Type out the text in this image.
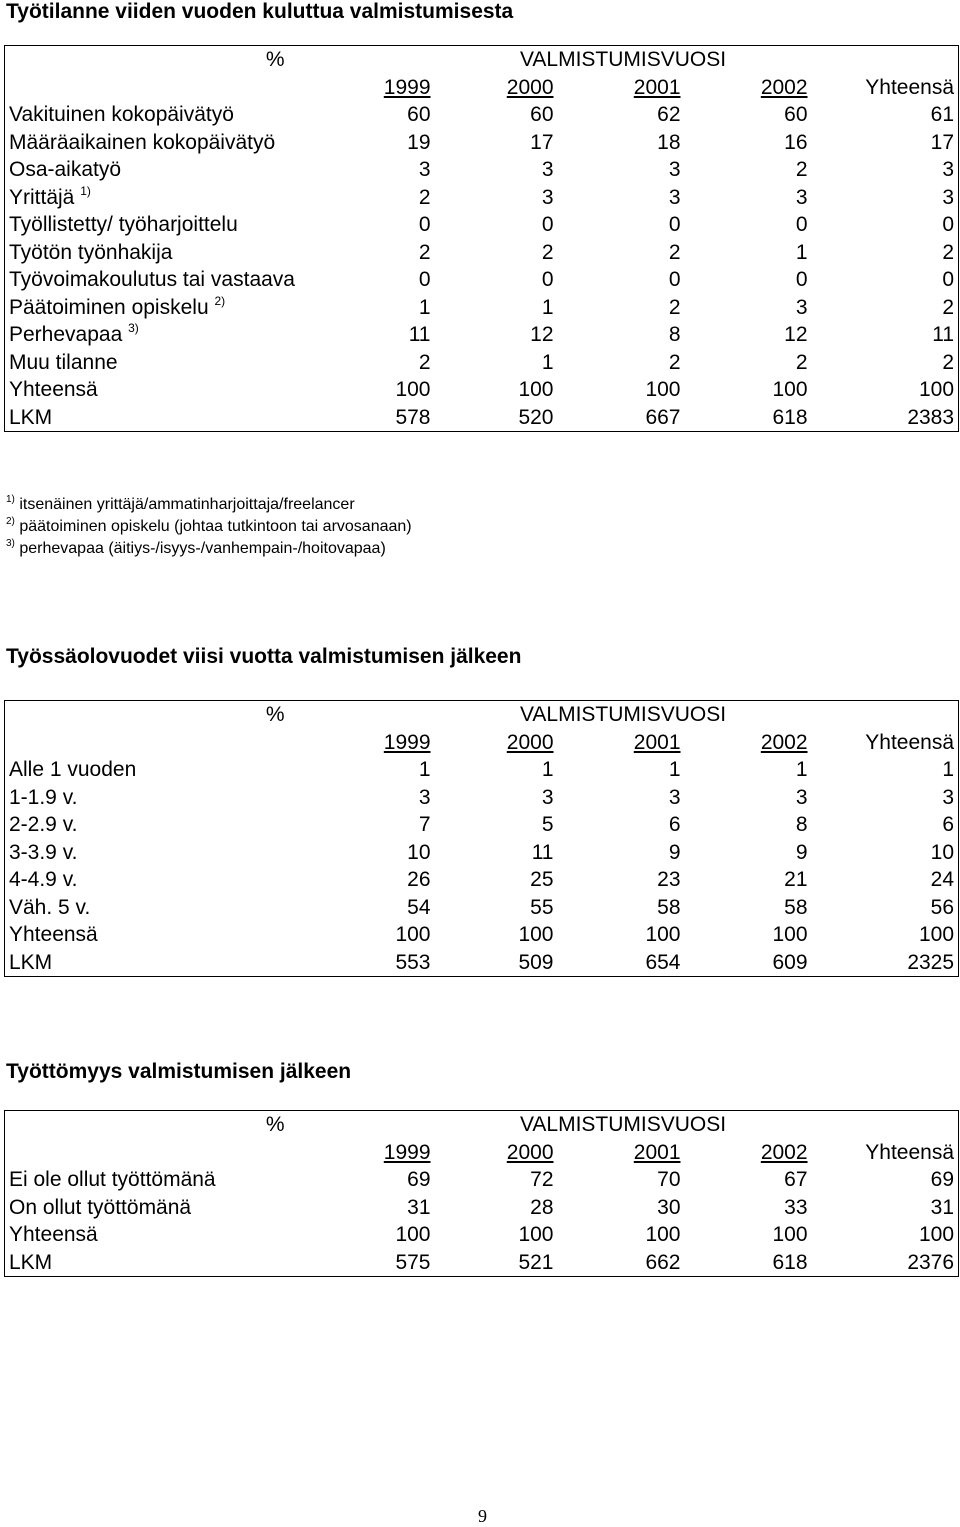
Työtilanne viiden vuoden kuluttua valmistumisesta
%		VALMISTUMISVUOSI			
	1999	2000	2001	2002	Yhteensä
Vakituinen kokopäivätyö	60	60	62	60	61
Määräaikainen kokopäivätyö	19	17	18	16	17
Osa-aikatyö	3	3	3	2	3
Yrittäjä $^{1)}$	2	3	3	3	3
Työllistetty/ työharjoittelu	0	0	0	0	0
Työtön työnhakija	2	2	2	1	2
Työvoimakoulutus tai vastaava	0	0	0	0	0
Päätoiminen opiskelu $^{2)}$	1	1	2	3	2
Perhevapaa $^{3)}$	11	12	8	12	11
Muu tilanne	2	1	2	2	2
Yhteensä	100	100	100	100	100
LKM	578	520	667	618	2383

$^{1)}$ itsenäinen yrittäjä/ammatinharjoittaja/freelancer

$^{2)}$ päätoiminen opiskelu (johtaa tutkintoon tai arvosanaan)

$^{3)}$ perhevapaa (äitiys-/isyys-/vanhempain-/hoitovapaa)

Työssäolovuodet viisi vuotta valmistumisen jälkeen
%		VALMISTUMISVUOSI			
	1999	2000	2001	2002	Yhteensä
Alle 1 vuoden	1	1	1	1	1
1-1.9 v.	3	3	3	3	3
2-2.9 v.	7	5	6	8	6
3-3.9 v.	10	11	9	9	10
4-4.9 v.	26	25	23	21	24
Väh. 5 v.	54	55	58	58	56
Yhteensä	100	100	100	100	100
LKM	553	509	654	609	2325
Työttömyys valmistumisen jälkeen
%		VALMISTUMISVUOSI			
	1999	2000	2001	2002	Yhteensä
Ei ole ollut työttömänä	69	72	70	67	69
On ollut työttömänä	31	28	30	33	31
Yhteensä	100	100	100	100	100
LKM	575	521	662	618	2376
9
